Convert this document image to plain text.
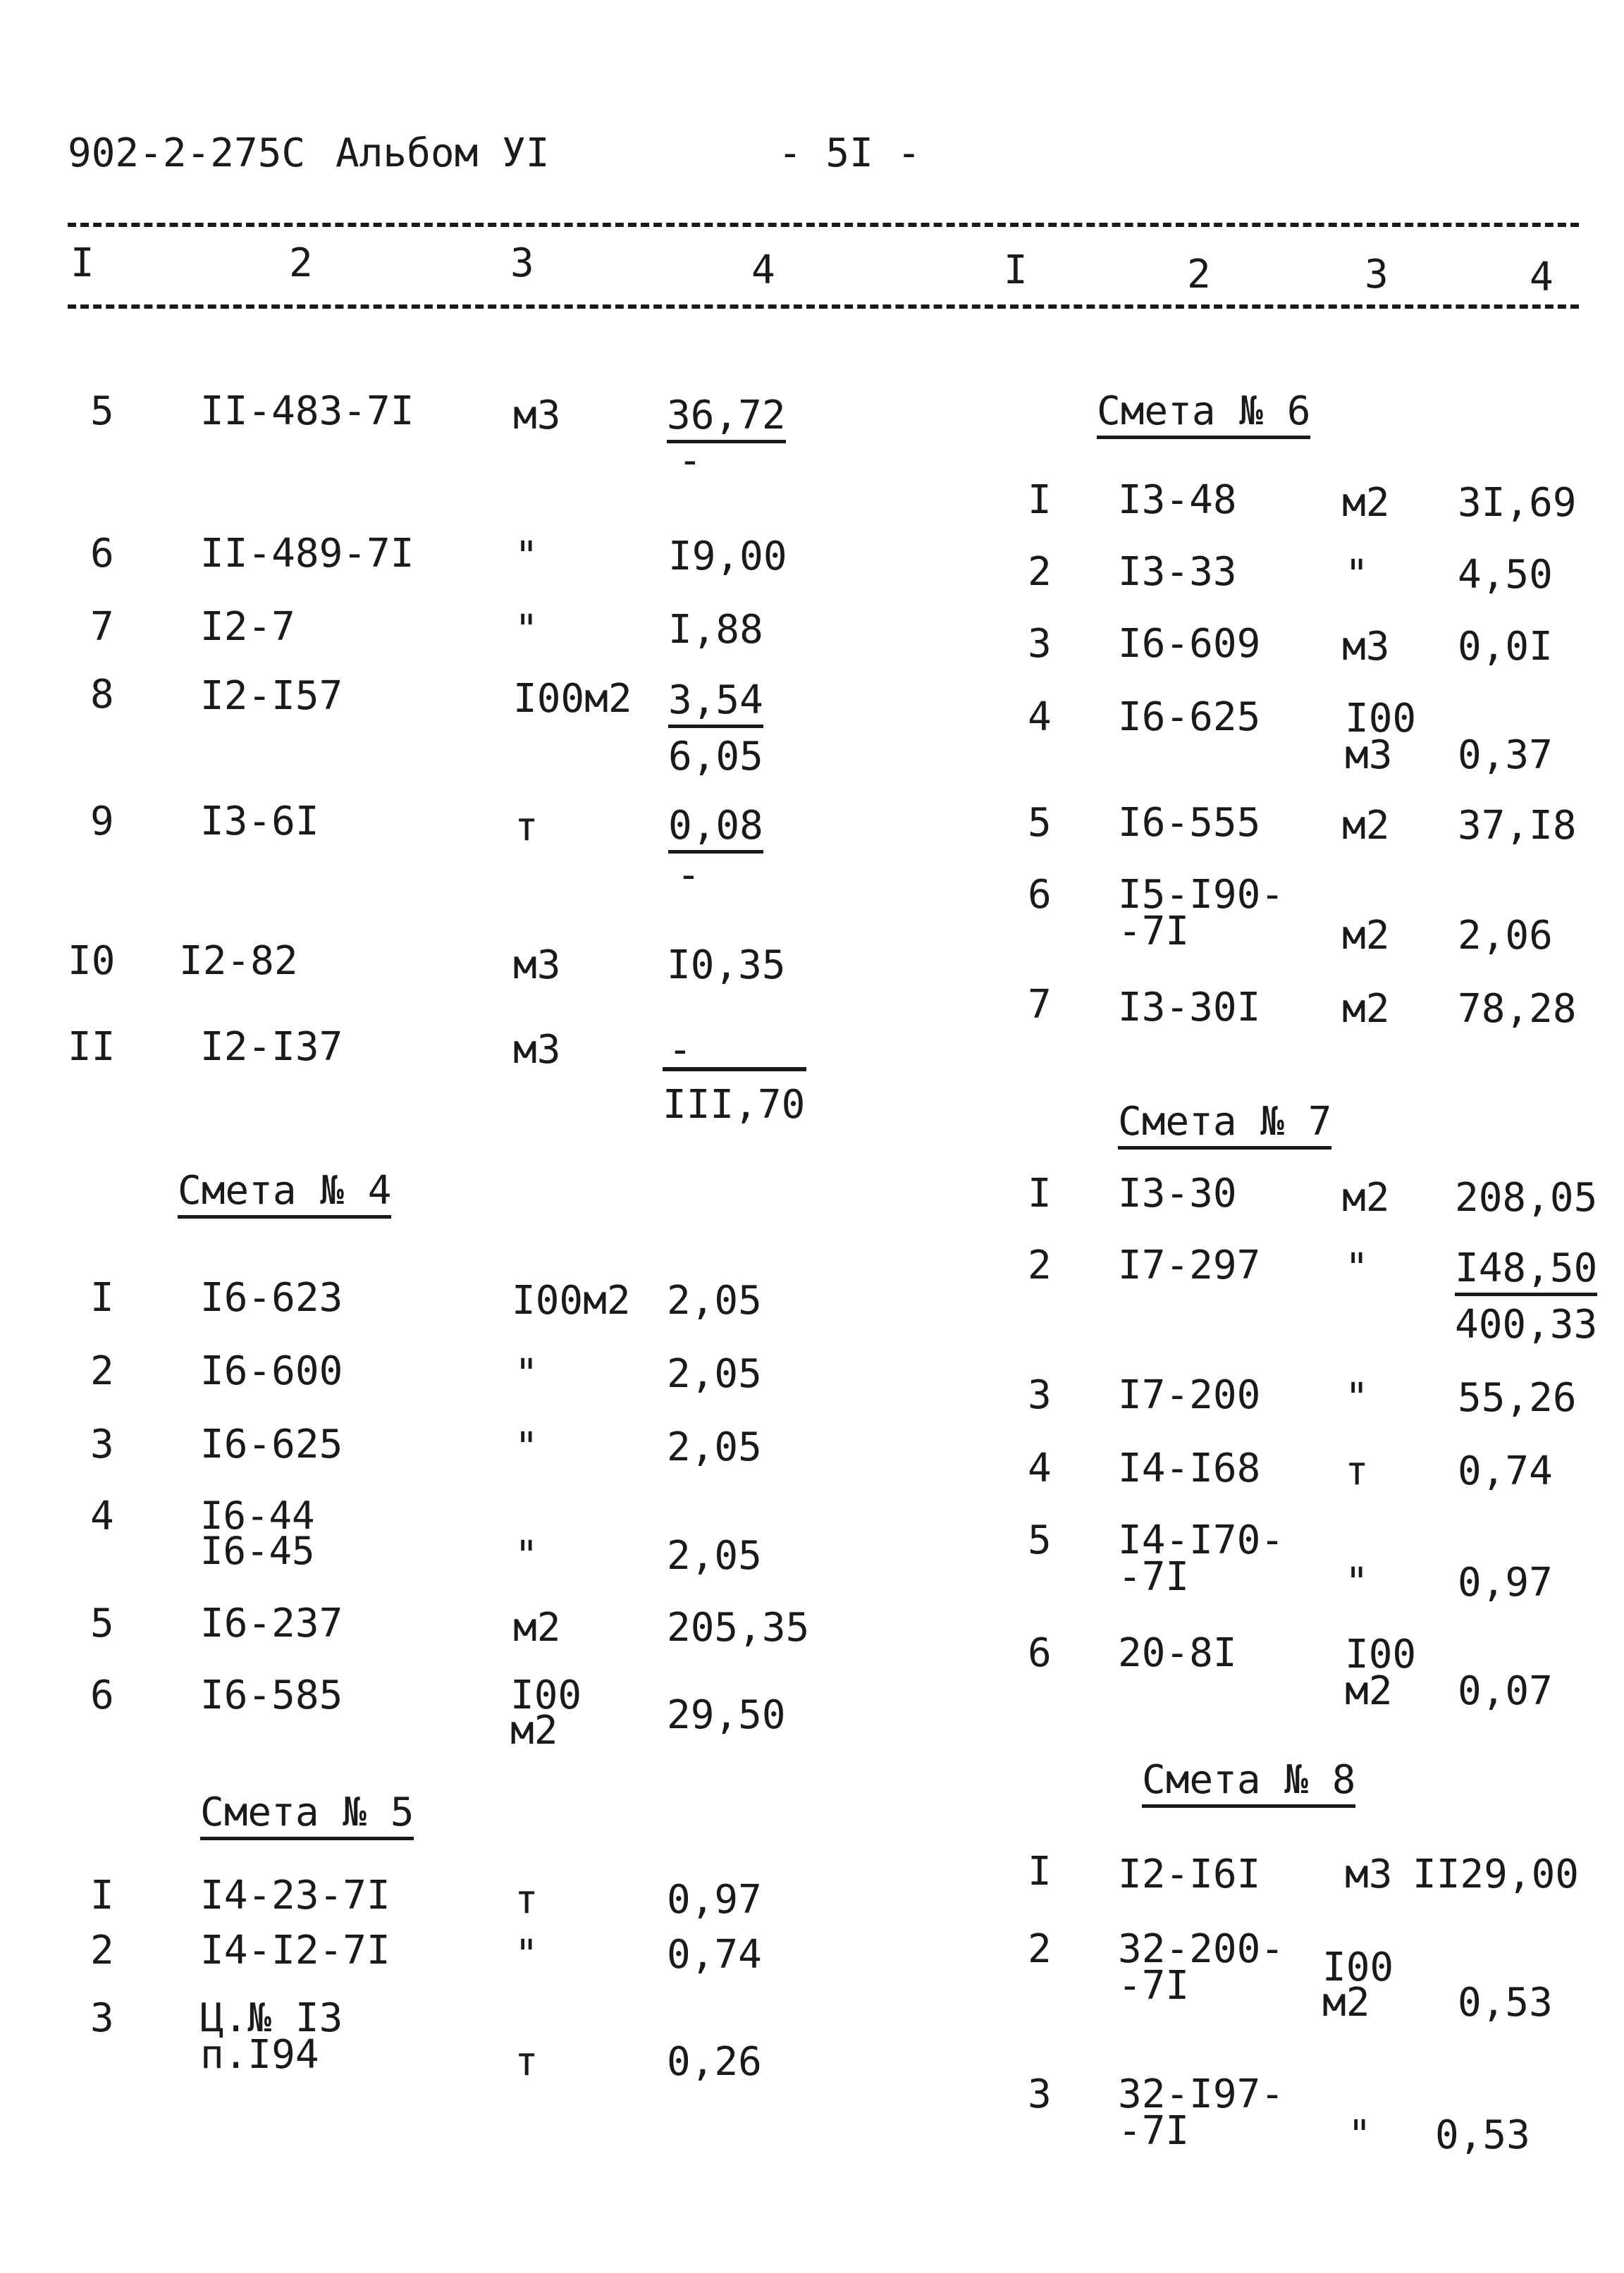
902-2-275С Альбом УI	- 5I -
I	2	3	4	I	2	3	4
5 II-483-7I	м3	36,72
-
6 II-489-7I	"	I9,00
7 I2-7	"	I,88
8 I2-I57	I00м2 3,54
6,05
9 I3-6I	т	0,08
-
I0 I2-82	м3	I0,35
II I2-I37	м3	-
III,70
Смета № 4
I I6-623	I00м2 2,05
2 I6-600	"	2,05
3 I6-625	"	2,05
4 I6-44
I6-45	"	2,05
5 I6-237	м2	205,35
6 I6-585	I00
м2	29,50
Смета № 5
I I4-23-7I	т	0,97
2 I4-I2-7I	"	0,74
3 Ц.№ I3
п.I94	т	0,26
Смета № 6
I I3-48	м2 3I,69
2 I3-33	" 4,50
3 I6-609 м3 0,0I
4 I6-625 I00
м3 0,37
5 I6-555 м2 37,I8
6 I5-I90-
-7I	м2 2,06
7 I3-30I м2 78,28
Смета № 7
I I3-30	м2 208,05
2 I7-297 " I48,50
400,33
3 I7-200 " 55,26
4 I4-I68 т 0,74
5 I4-I70-
-7I	" 0,97
6 20-8I	I00
м2 0,07
Смета № 8
I I2-I6I м3 II29,00
2 32-200-
-7I	I00
м2 0,53
3 32-I97-
-7I	" 0,53
